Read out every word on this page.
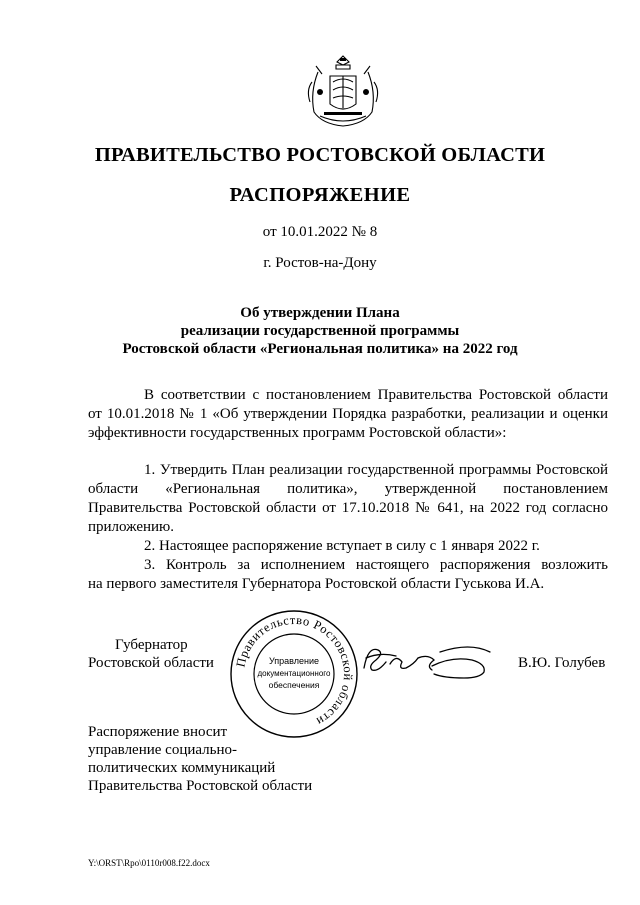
ПРАВИТЕЛЬСТВО РОСТОВСКОЙ ОБЛАСТИ
РАСПОРЯЖЕНИЕ
от 10.01.2022 № 8
г. Ростов-на-Дону
Об утверждении Плана
реализации государственной программы
Ростовской области «Региональная политика» на 2022 год
В соответствии с постановлением Правительства Ростовской области
от 10.01.2018 № 1 «Об утверждении Порядка разработки, реализации и оценки
эффективности государственных программ Ростовской области»:
1. Утвердить План реализации государственной программы Ростовской
области «Региональная политика», утвержденной постановлением
Правительства Ростовской области от 17.10.2018 № 641, на 2022 год согласно
приложению.
2. Настоящее распоряжение вступает в силу с 1 января 2022 г.
3. Контроль за исполнением настоящего распоряжения возложить
на первого заместителя Губернатора Ростовской области Гуськова И.А.
Губернатор
Ростовской области Правительство Ростовской области
Управление
документационного
обеспечения
В.Ю. Голубев
Распоряжение вносит
управление социально-
политических коммуникаций
Правительства Ростовской области
Y:\ORST\Rpo\0110r008.f22.docx
